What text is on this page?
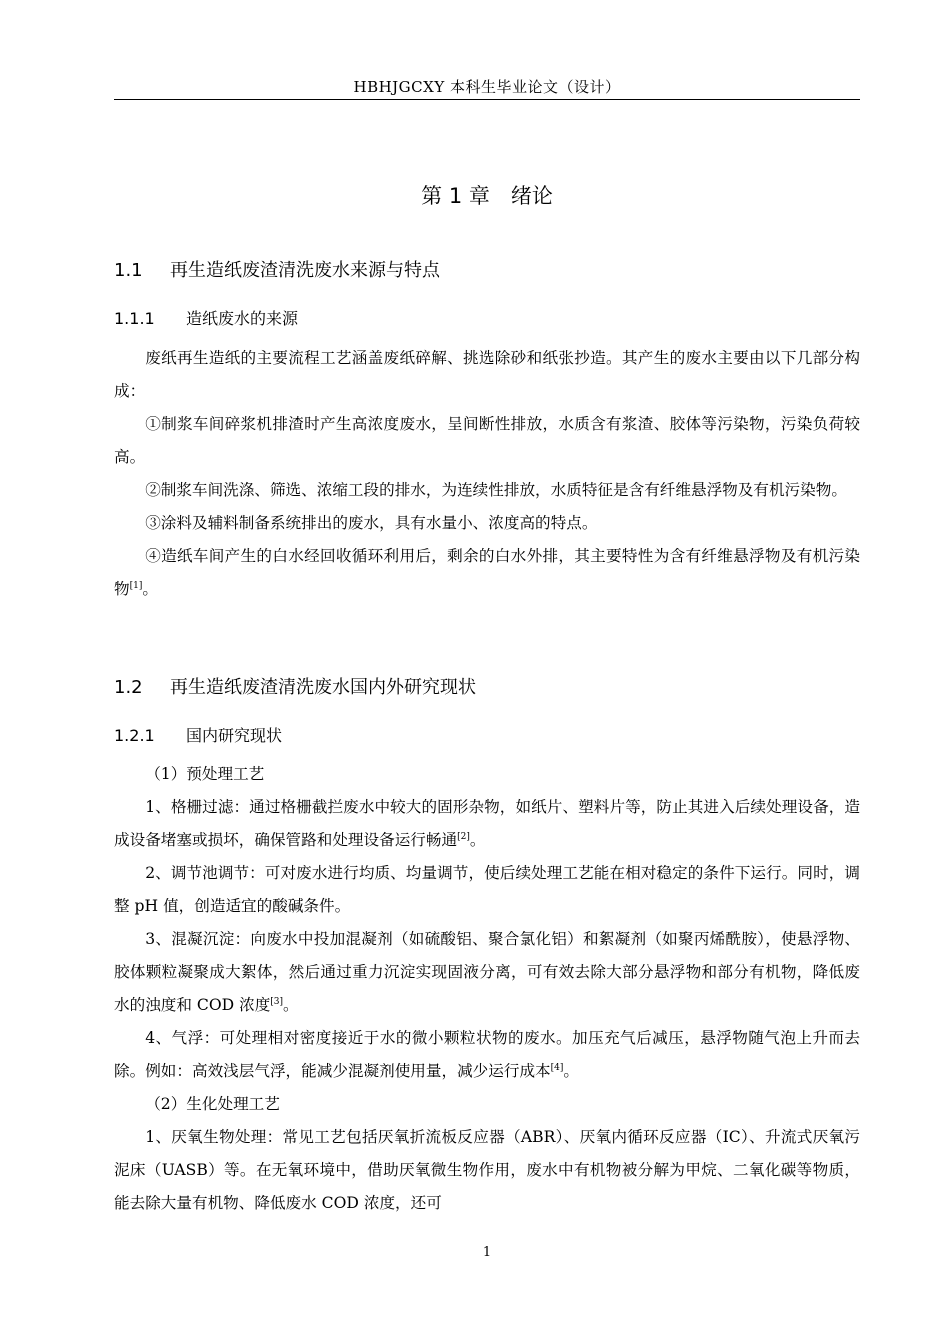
HBHJGCXY 本科生毕业论文（设计）
第 1 章　绪论
1.1 再生造纸废渣清洗废水来源与特点
1.1.1 造纸废水的来源

废纸再生造纸的主要流程工艺涵盖废纸碎解、挑选除砂和纸张抄造。其产生的废水主要由以下几部分构成：

①制浆车间碎浆机排渣时产生高浓度废水，呈间断性排放，水质含有浆渣、胶体等污染物，污染负荷较高。

②制浆车间洗涤、筛选、浓缩工段的排水，为连续性排放，水质特征是含有纤维悬浮物及有机污染物。

③涂料及辅料制备系统排出的废水，具有水量小、浓度高的特点。

④造纸车间产生的白水经回收循环利用后，剩余的白水外排，其主要特性为含有纤维悬浮物及有机污染物[1]。

1.2 再生造纸废渣清洗废水国内外研究现状
1.2.1 国内研究现状

（1）预处理工艺

1、格栅过滤：通过格栅截拦废水中较大的固形杂物，如纸片、塑料片等，防止其进入后续处理设备，造成设备堵塞或损坏，确保管路和处理设备运行畅通[2]。

2、调节池调节：可对废水进行均质、均量调节，使后续处理工艺能在相对稳定的条件下运行。同时，调整 pH 值，创造适宜的酸碱条件。

3、混凝沉淀：向废水中投加混凝剂（如硫酸铝、聚合氯化铝）和絮凝剂（如聚丙烯酰胺），使悬浮物、胶体颗粒凝聚成大絮体，然后通过重力沉淀实现固液分离，可有效去除大部分悬浮物和部分有机物，降低废水的浊度和 COD 浓度[3]。

4、气浮：可处理相对密度接近于水的微小颗粒状物的废水。加压充气后减压，悬浮物随气泡上升而去除。例如：高效浅层气浮，能减少混凝剂使用量，减少运行成本[4]。

（2）生化处理工艺

1、厌氧生物处理：常见工艺包括厌氧折流板反应器（ABR）、厌氧内循环反应器（IC）、升流式厌氧污泥床（UASB）等。在无氧环境中，借助厌氧微生物作用，废水中有机物被分解为甲烷、二氧化碳等物质，能去除大量有机物、降低废水 COD 浓度，还可

1
